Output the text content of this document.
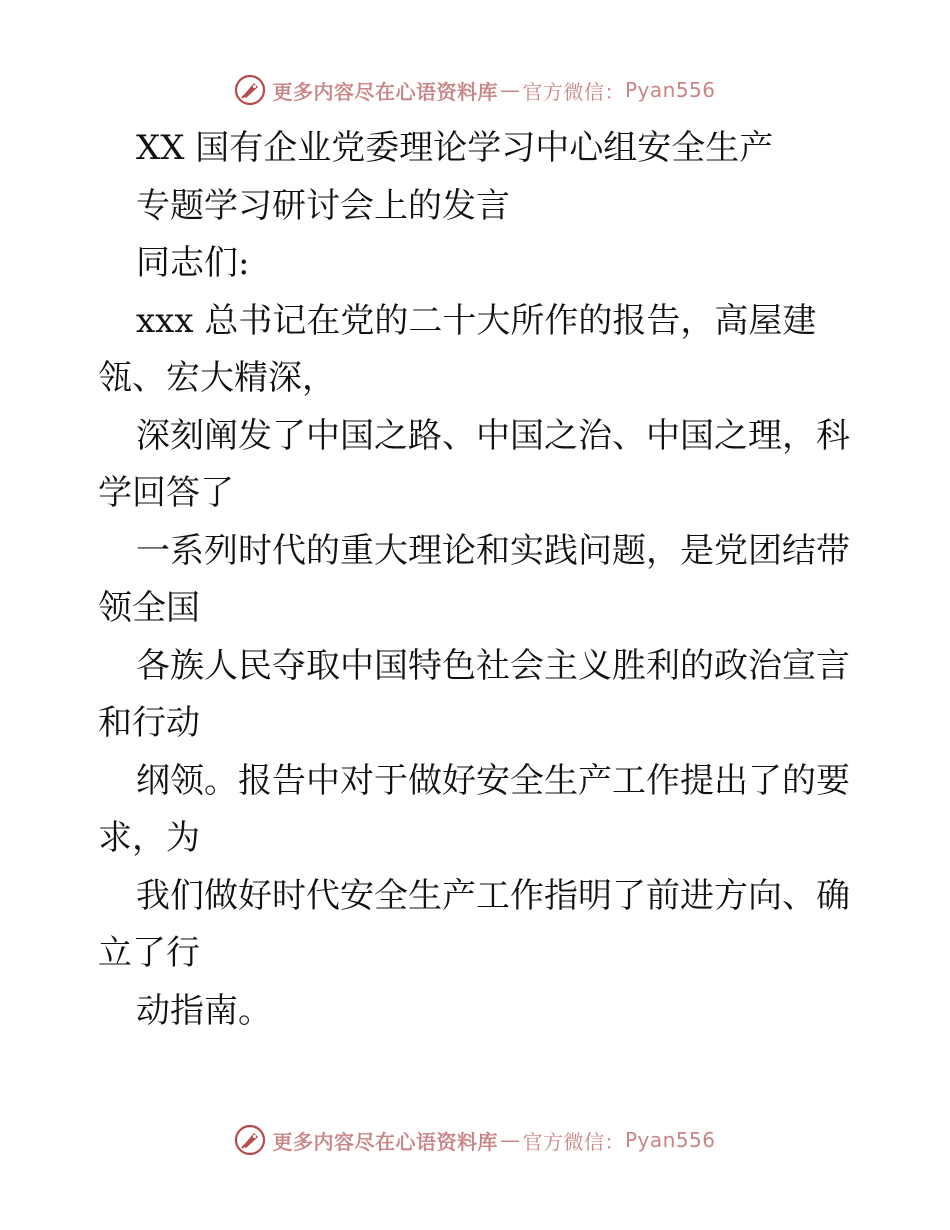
更多内容尽在心语资料库 — 官方微信： Pyan556

XX 国有企业党委理论学习中心组安全生产

专题学习研讨会上的发言

同志们:

xxx 总书记在党的二十大所作的报告，高屋建

瓴、宏大精深，

深刻阐发了中国之路、中国之治、中国之理，科

学回答了

一系列时代的重大理论和实践问题，是党团结带

领全国

各族人民夺取中国特色社会主义胜利的政治宣言

和行动

纲领。报告中对于做好安全生产工作提出了的要

求，为

我们做好时代安全生产工作指明了前进方向、确

立了行

动指南。

更多内容尽在心语资料库 — 官方微信： Pyan556
